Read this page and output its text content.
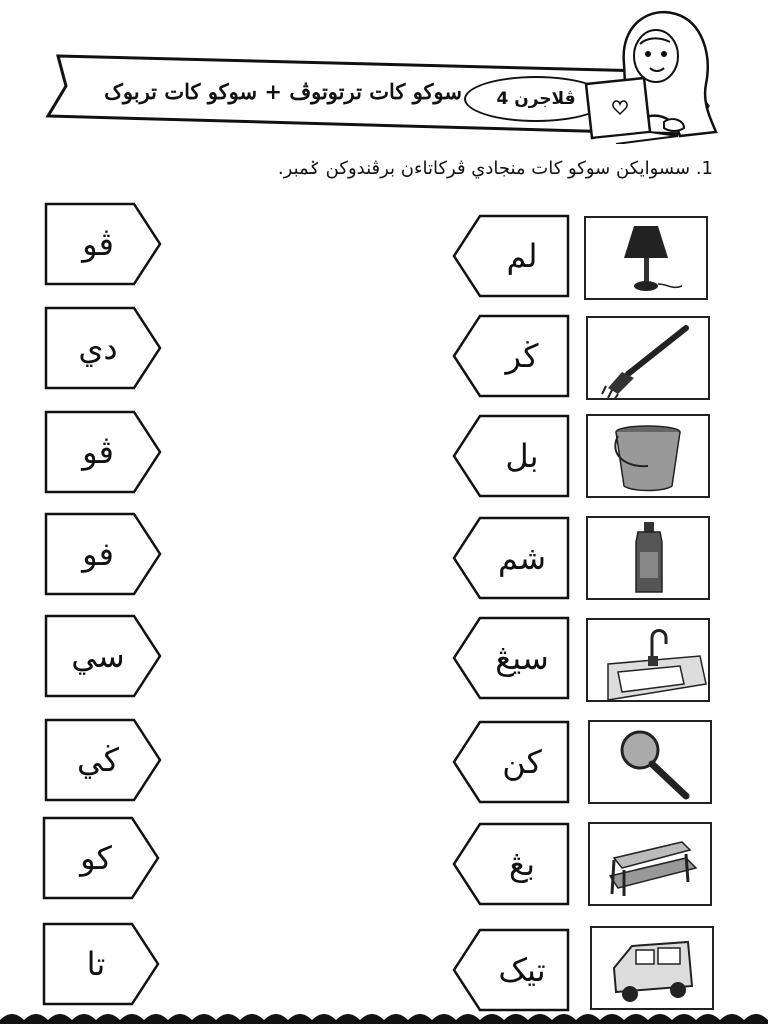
سوكو كات ترتوتوڤ + سوكو كات تربوک ڤلاجرن 4
1. سسوايكن سوكو كات منجادي ڤركاتاءن برڤندوكن ݢمبر.
ڤو	لم
دي	ڬر
ڤو	بل
فو	شم
سي	سيڠ
ڬي	كن
كو	بڠ
تا	تيک
